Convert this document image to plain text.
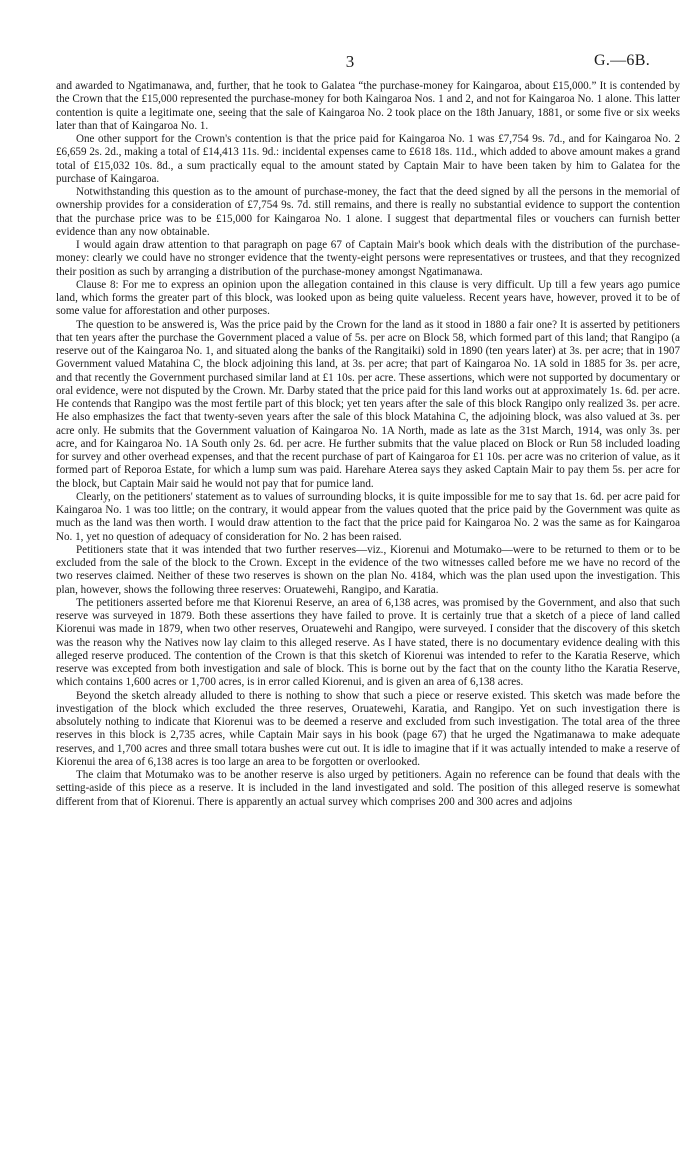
3	G.—6B.

and awarded to Ngatimanawa, and, further, that he took to Galatea “the purchase-money for Kaingaroa, about £15,000.” It is contended by the Crown that the £15,000 represented the purchase-money for both Kaingaroa Nos. 1 and 2, and not for Kaingaroa No. 1 alone. This latter contention is quite a legitimate one, seeing that the sale of Kaingaroa No. 2 took place on the 18th January, 1881, or some five or six weeks later than that of Kaingaroa No. 1.

One other support for the Crown's contention is that the price paid for Kaingaroa No. 1 was £7,754 9s. 7d., and for Kaingaroa No. 2 £6,659 2s. 2d., making a total of £14,413 11s. 9d.: incidental expenses came to £618 18s. 11d., which added to above amount makes a grand total of £15,032 10s. 8d., a sum practically equal to the amount stated by Captain Mair to have been taken by him to Galatea for the purchase of Kaingaroa.

Notwithstanding this question as to the amount of purchase-money, the fact that the deed signed by all the persons in the memorial of ownership provides for a consideration of £7,754 9s. 7d. still remains, and there is really no substantial evidence to support the contention that the purchase price was to be £15,000 for Kaingaroa No. 1 alone. I suggest that departmental files or vouchers can furnish better evidence than any now obtainable.

I would again draw attention to that paragraph on page 67 of Captain Mair's book which deals with the distribution of the purchase-money: clearly we could have no stronger evidence that the twenty-eight persons were representatives or trustees, and that they recognized their position as such by arranging a distribution of the purchase-money amongst Ngatimanawa.

Clause 8: For me to express an opinion upon the allegation contained in this clause is very difficult. Up till a few years ago pumice land, which forms the greater part of this block, was looked upon as being quite valueless. Recent years have, however, proved it to be of some value for afforestation and other purposes.

The question to be answered is, Was the price paid by the Crown for the land as it stood in 1880 a fair one? It is asserted by petitioners that ten years after the purchase the Government placed a value of 5s. per acre on Block 58, which formed part of this land; that Rangipo (a reserve out of the Kaingaroa No. 1, and situated along the banks of the Rangitaiki) sold in 1890 (ten years later) at 3s. per acre; that in 1907 Government valued Matahina C, the block adjoining this land, at 3s. per acre; that part of Kaingaroa No. 1A sold in 1885 for 3s. per acre, and that recently the Government purchased similar land at £1 10s. per acre. These assertions, which were not supported by documentary or oral evidence, were not disputed by the Crown. Mr. Darby stated that the price paid for this land works out at approximately 1s. 6d. per acre. He contends that Rangipo was the most fertile part of this block; yet ten years after the sale of this block Rangipo only realized 3s. per acre. He also emphasizes the fact that twenty-seven years after the sale of this block Matahina C, the adjoining block, was also valued at 3s. per acre only. He submits that the Government valuation of Kaingaroa No. 1A North, made as late as the 31st March, 1914, was only 3s. per acre, and for Kaingaroa No. 1A South only 2s. 6d. per acre. He further submits that the value placed on Block or Run 58 included loading for survey and other overhead expenses, and that the recent purchase of part of Kaingaroa for £1 10s. per acre was no criterion of value, as it formed part of Reporoa Estate, for which a lump sum was paid. Harehare Aterea says they asked Captain Mair to pay them 5s. per acre for the block, but Captain Mair said he would not pay that for pumice land.

Clearly, on the petitioners' statement as to values of surrounding blocks, it is quite impossible for me to say that 1s. 6d. per acre paid for Kaingaroa No. 1 was too little; on the contrary, it would appear from the values quoted that the price paid by the Government was quite as much as the land was then worth. I would draw attention to the fact that the price paid for Kaingaroa No. 2 was the same as for Kaingaroa No. 1, yet no question of adequacy of consideration for No. 2 has been raised.

Petitioners state that it was intended that two further reserves—viz., Kiorenui and Motumako—were to be returned to them or to be excluded from the sale of the block to the Crown. Except in the evidence of the two witnesses called before me we have no record of the two reserves claimed. Neither of these two reserves is shown on the plan No. 4184, which was the plan used upon the investigation. This plan, however, shows the following three reserves: Oruatewehi, Rangipo, and Karatia.

The petitioners asserted before me that Kiorenui Reserve, an area of 6,138 acres, was promised by the Government, and also that such reserve was surveyed in 1879. Both these assertions they have failed to prove. It is certainly true that a sketch of a piece of land called Kiorenui was made in 1879, when two other reserves, Oruatewehi and Rangipo, were surveyed. I consider that the discovery of this sketch was the reason why the Natives now lay claim to this alleged reserve. As I have stated, there is no documentary evidence dealing with this alleged reserve produced. The contention of the Crown is that this sketch of Kiorenui was intended to refer to the Karatia Reserve, which reserve was excepted from both investigation and sale of block. This is borne out by the fact that on the county litho the Karatia Reserve, which contains 1,600 acres or 1,700 acres, is in error called Kiorenui, and is given an area of 6,138 acres.

Beyond the sketch already alluded to there is nothing to show that such a piece or reserve existed. This sketch was made before the investigation of the block which excluded the three reserves, Oruatewehi, Karatia, and Rangipo. Yet on such investigation there is absolutely nothing to indicate that Kiorenui was to be deemed a reserve and excluded from such investigation. The total area of the three reserves in this block is 2,735 acres, while Captain Mair says in his book (page 67) that he urged the Ngatimanawa to make adequate reserves, and 1,700 acres and three small totara bushes were cut out. It is idle to imagine that if it was actually intended to make a reserve of Kiorenui the area of 6,138 acres is too large an area to be forgotten or overlooked.

The claim that Motumako was to be another reserve is also urged by petitioners. Again no reference can be found that deals with the setting-aside of this piece as a reserve. It is included in the land investigated and sold. The position of this alleged reserve is somewhat different from that of Kiorenui. There is apparently an actual survey which comprises 200 and 300 acres and adjoins
